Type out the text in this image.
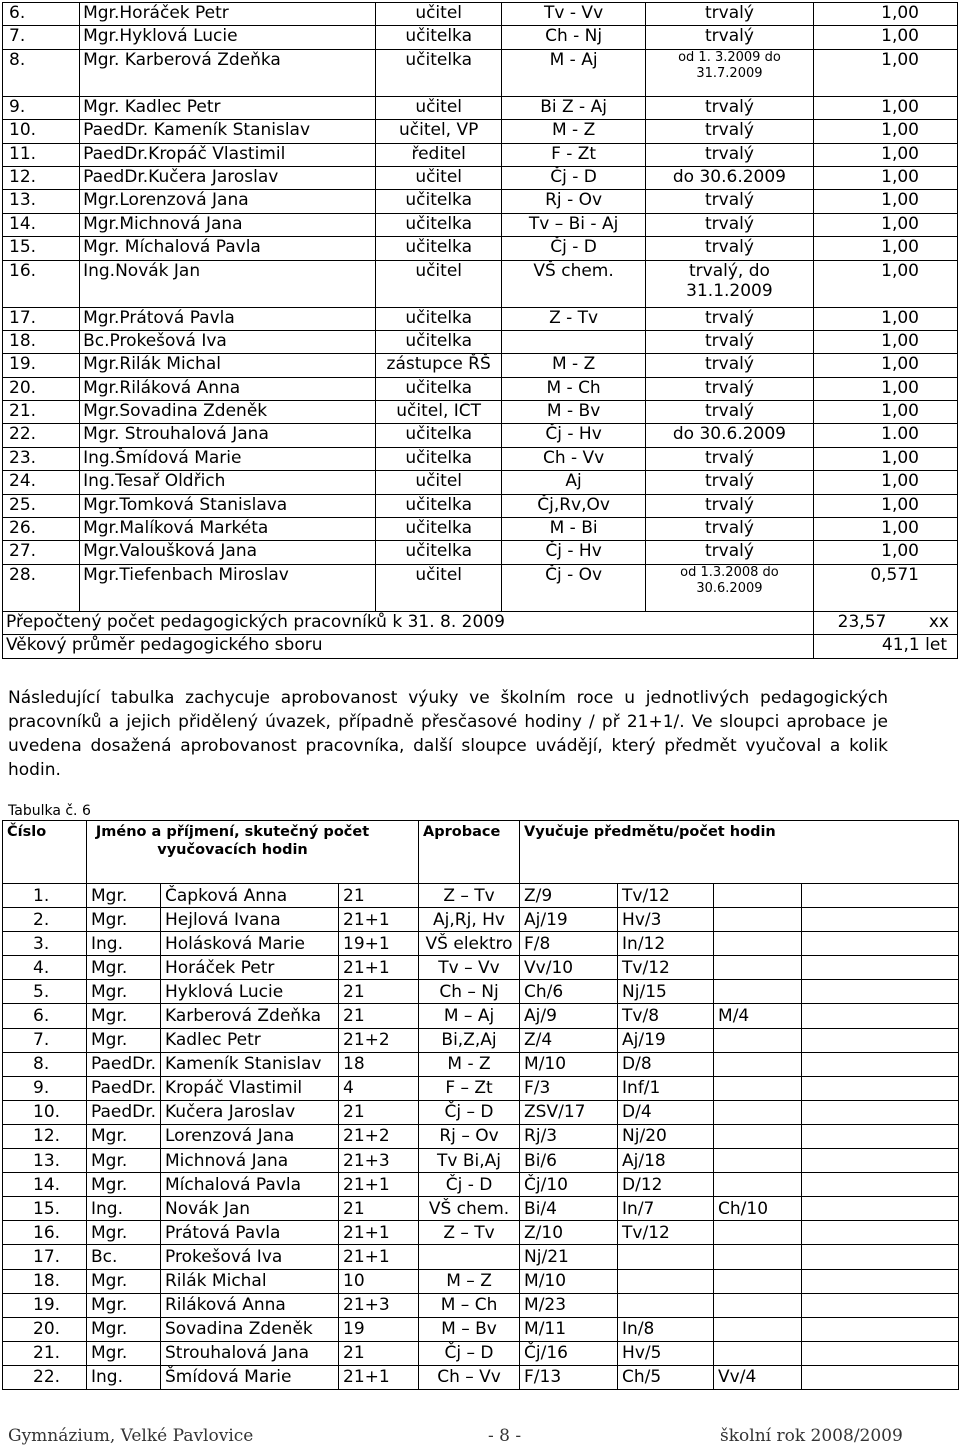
6.	Mgr.Horáček Petr	učitel	Tv - Vv	trvalý	1,00
7.	Mgr.Hyklová Lucie	učitelka	Ch - Nj	trvalý	1,00
8.	Mgr. Karberová Zdeňka	učitelka	M - Aj	od 1. 3.2009 do 31.7.2009	1,00
9.	Mgr. Kadlec Petr	učitel	Bi Z - Aj	trvalý	1,00
10.	PaedDr. Kameník Stanislav	učitel, VP	M - Z	trvalý	1,00
11.	PaedDr.Kropáč Vlastimil	ředitel	F - Zt	trvalý	1,00
12.	PaedDr.Kučera Jaroslav	učitel	Čj - D	do 30.6.2009	1,00
13.	Mgr.Lorenzová Jana	učitelka	Rj - Ov	trvalý	1,00
14.	Mgr.Michnová Jana	učitelka	Tv – Bi - Aj	trvalý	1,00
15.	Mgr. Míchalová Pavla	učitelka	Čj - D	trvalý	1,00
16.	Ing.Novák Jan	učitel	VŠ chem.	trvalý, do 31.1.2009	1,00
17.	Mgr.Prátová Pavla	učitelka	Z - Tv	trvalý	1,00
18.	Bc.Prokešová Iva	učitelka		trvalý	1,00
19.	Mgr.Rilák Michal	zástupce ŘŠ	M - Z	trvalý	1,00
20.	Mgr.Riláková Anna	učitelka	M - Ch	trvalý	1,00
21.	Mgr.Sovadina Zdeněk	učitel, ICT	M - Bv	trvalý	1,00
22.	Mgr. Strouhalová Jana	učitelka	Čj - Hv	do 30.6.2009	1.00
23.	Ing.Šmídová Marie	učitelka	Ch - Vv	trvalý	1,00
24.	Ing.Tesař Oldřich	učitel	Aj	trvalý	1,00
25.	Mgr.Tomková Stanislava	učitelka	Čj,Rv,Ov	trvalý	1,00
26.	Mgr.Malíková Markéta	učitelka	M - Bi	trvalý	1,00
27.	Mgr.Valoušková Jana	učitelka	Čj - Hv	trvalý	1,00
28.	Mgr.Tiefenbach Miroslav	učitel	Čj - Ov	od 1.3.2008 do 30.6.2009	0,571
Přepočtený počet pedagogických pracovníků k 31. 8. 2009					23,57 xx

Věkový průměr pedagogického sboru					41,1 let
Následující tabulka zachycuje aprobovanost výuky ve školním roce u jednotlivých pedagogických pracovníků a jejich přidělený úvazek, případně přesčasové hodiny / př 21+1/. Ve sloupci aprobace je uvedena dosažená aprobovanost pracovníka, další sloupce uvádějí, který předmět vyučoval a kolik hodin.
Tabulka č. 6
Číslo	Jméno a příjmení, skutečný počet vyučovacích hodin			Aprobace	Vyučuje předmětu/počet hodin			
1.	Mgr.	Čapková Anna	21	Z – Tv	Z/9	Tv/12		
2.	Mgr.	Hejlová Ivana	21+1	Aj,Rj, Hv	Aj/19	Hv/3		
3.	Ing.	Holásková Marie	19+1	VŠ elektro	F/8	In/12		
4.	Mgr.	Horáček Petr	21+1	Tv – Vv	Vv/10	Tv/12		
5.	Mgr.	Hyklová Lucie	21	Ch – Nj	Ch/6	Nj/15		
6.	Mgr.	Karberová Zdeňka	21	M – Aj	Aj/9	Tv/8	M/4	
7.	Mgr.	Kadlec Petr	21+2	Bi,Z,Aj	Z/4	Aj/19		
8.	PaedDr.	Kameník Stanislav	18	M - Z	M/10	D/8		
9.	PaedDr.	Kropáč Vlastimil	4	F – Zt	F/3	Inf/1		
10.	PaedDr.	Kučera Jaroslav	21	Čj – D	ZSV/17	D/4		
12.	Mgr.	Lorenzová Jana	21+2	Rj – Ov	Rj/3	Nj/20		
13.	Mgr.	Michnová Jana	21+3	Tv Bi,Aj	Bi/6	Aj/18		
14.	Mgr.	Míchalová Pavla	21+1	Čj - D	Čj/10	D/12		
15.	Ing.	Novák Jan	21	VŠ chem.	Bi/4	In/7	Ch/10	
16.	Mgr.	Prátová Pavla	21+1	Z – Tv	Z/10	Tv/12		
17.	Bc.	Prokešová Iva	21+1		Nj/21			
18.	Mgr.	Rilák Michal	10	M – Z	M/10			
19.	Mgr.	Riláková Anna	21+3	M – Ch	M/23			
20.	Mgr.	Sovadina Zdeněk	19	M – Bv	M/11	In/8		
21.	Mgr.	Strouhalová Jana	21	Čj – D	Čj/16	Hv/5		
22.	Ing.	Šmídová Marie	21+1	Ch – Vv	F/13	Ch/5	Vv/4	
Gymnázium, Velké Pavlovice	- 8 -	školní rok 2008/2009
